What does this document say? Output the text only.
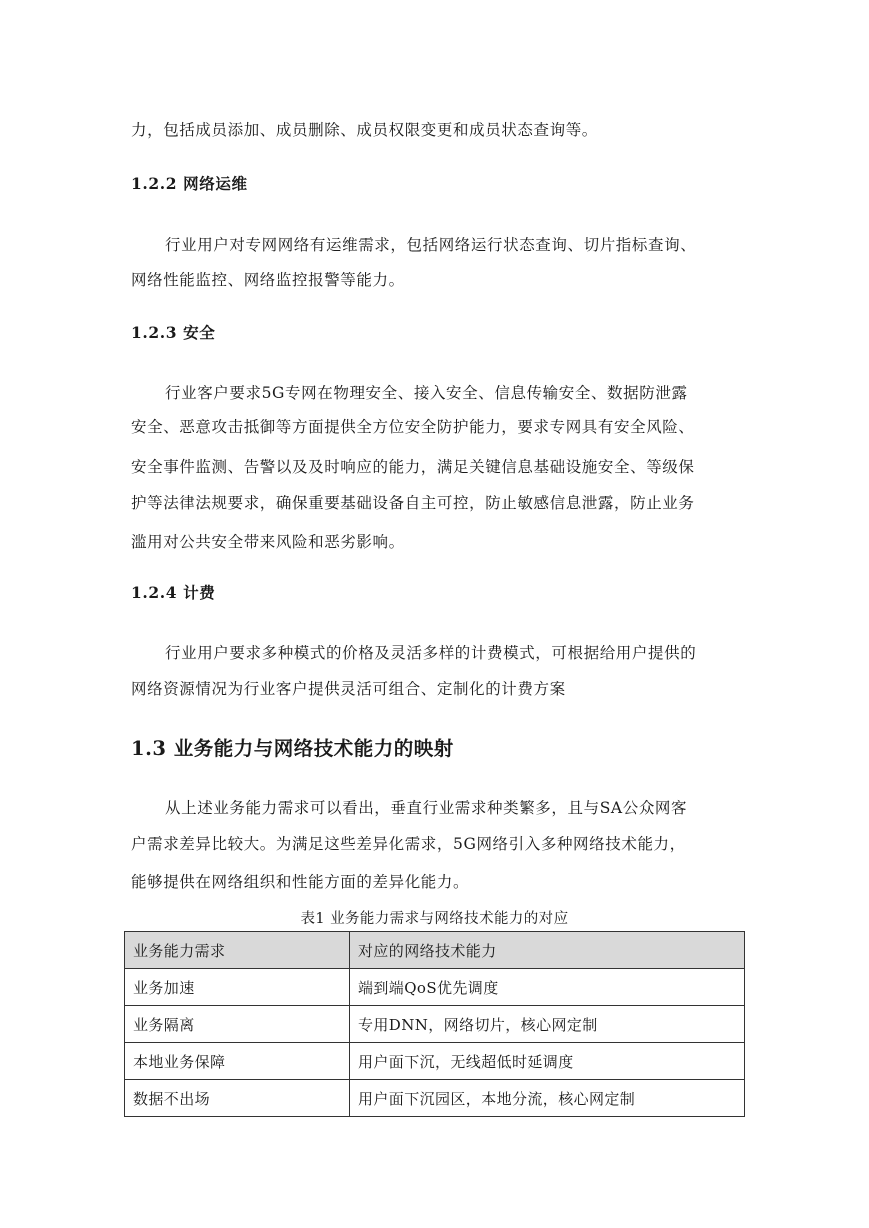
力，包括成员添加、成员删除、成员权限变更和成员状态查询等。
1.2.2 网络运维
行业用户对专网网络有运维需求，包括网络运行状态查询、切片指标查询、
网络性能监控、网络监控报警等能力。
1.2.3 安全
行业客户要求5G专网在物理安全、接入安全、信息传输安全、数据防泄露
安全、恶意攻击抵御等方面提供全方位安全防护能力，要求专网具有安全风险、
安全事件监测、告警以及及时响应的能力，满足关键信息基础设施安全、等级保
护等法律法规要求，确保重要基础设备自主可控，防止敏感信息泄露，防止业务
滥用对公共安全带来风险和恶劣影响。
1.2.4 计费
行业用户要求多种模式的价格及灵活多样的计费模式，可根据给用户提供的
网络资源情况为行业客户提供灵活可组合、定制化的计费方案
1.3 业务能力与网络技术能力的映射
从上述业务能力需求可以看出，垂直行业需求种类繁多，且与SA公众网客
户需求差异比较大。为满足这些差异化需求，5G网络引入多种网络技术能力，
能够提供在网络组织和性能方面的差异化能力。
表1 业务能力需求与网络技术能力的对应
业务能力需求	对应的网络技术能力
业务加速	端到端QoS优先调度
业务隔离	专用DNN，网络切片，核心网定制
本地业务保障	用户面下沉，无线超低时延调度
数据不出场	用户面下沉园区，本地分流，核心网定制
